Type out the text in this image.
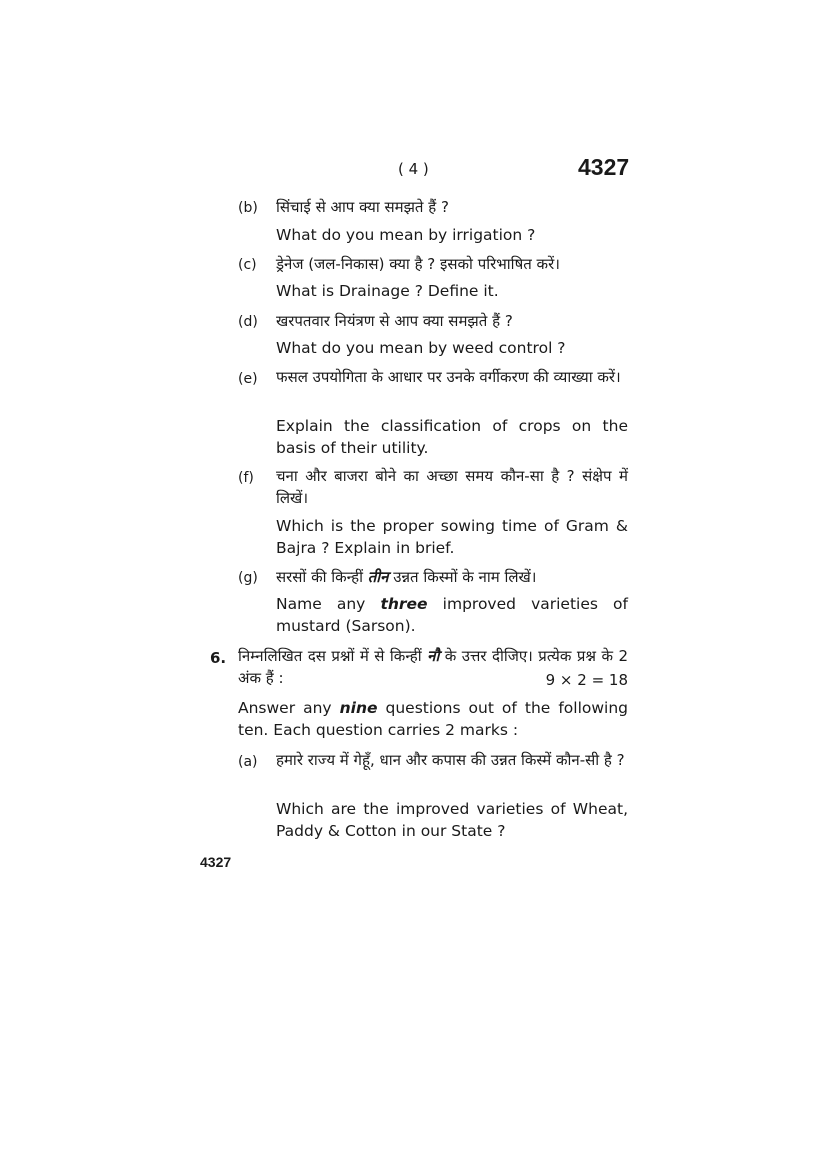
( 4 )	4327
(b) सिंचाई से आप क्या समझते हैं ?
What do you mean by irrigation ?
(c) ड्रेनेज (जल-निकास) क्या है ? इसको परिभाषित करें।
What is Drainage ? Define it.
(d) खरपतवार नियंत्रण से आप क्या समझते हैं ?
What do you mean by weed control ?
(e) फसल उपयोगिता के आधार पर उनके वर्गीकरण की व्याख्या करें।
Explain the classification of crops on the basis of their utility.
(f) चना और बाजरा बोने का अच्छा समय कौन-सा है ? संक्षेप में लिखें।
Which is the proper sowing time of Gram & Bajra ? Explain in brief.
(g) सरसों की किन्हीं तीन उन्नत किस्मों के नाम लिखें।
Name any three improved varieties of mustard (Sarson).
6. निम्नलिखित दस प्रश्नों में से किन्हीं नौ के उत्तर दीजिए। प्रत्येक प्रश्न के 2 अंक हैं :	9 × 2 = 18
Answer any nine questions out of the following ten. Each question carries 2 marks :
(a) हमारे राज्य में गेहूँ, धान और कपास की उन्नत किस्में कौन-सी है ?
Which are the improved varieties of Wheat, Paddy & Cotton in our State ?
4327
